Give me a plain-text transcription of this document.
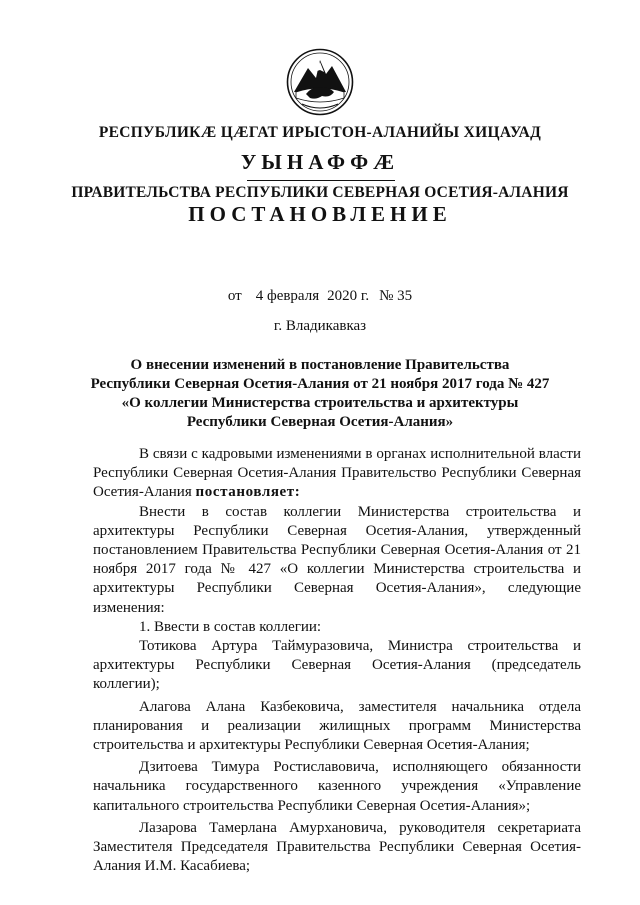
РЕСПУБЛИКÆ ЦÆГАТ ИРЫСТОН-АЛАНИЙЫ ХИЦАУАД
УЫНАФФÆ
ПРАВИТЕЛЬСТВА РЕСПУБЛИКИ СЕВЕРНАЯ ОСЕТИЯ-АЛАНИЯ
ПОСТАНОВЛЕНИЕ
от 4 февраля 2020 г. № 35
г. Владикавказ
О внесении изменений в постановление Правительства
Республики Северная Осетия-Алания от 21 ноября 2017 года № 427
«О коллегии Министерства строительства и архитектуры
Республики Северная Осетия-Алания»

В связи с кадровыми изменениями в органах исполнительной власти Республики Северная Осетия-Алания Правительство Республики Северная Осетия-Алания постановляет:

Внести в состав коллегии Министерства строительства и архитектуры Республики Северная Осетия-Алания, утвержденный постановлением Правительства Республики Северная Осетия-Алания от 21 ноября 2017 года № 427 «О коллегии Министерства строительства и архитектуры Республики Северная Осетия-Алания», следующие изменения:

1. Ввести в состав коллегии:

Тотикова Артура Таймуразовича, Министра строительства и архитектуры Республики Северная Осетия-Алания (председатель коллегии);

Алагова Алана Казбековича, заместителя начальника отдела планирования и реализации жилищных программ Министерства строительства и архитектуры Республики Северная Осетия-Алания;

Дзитоева Тимура Ростиславовича, исполняющего обязанности начальника государственного казенного учреждения «Управление капитального строительства Республики Северная Осетия-Алания»;

Лазарова Тамерлана Амурхановича, руководителя секретариата Заместителя Председателя Правительства Республики Северная Осетия-Алания И.М. Касабиева;
